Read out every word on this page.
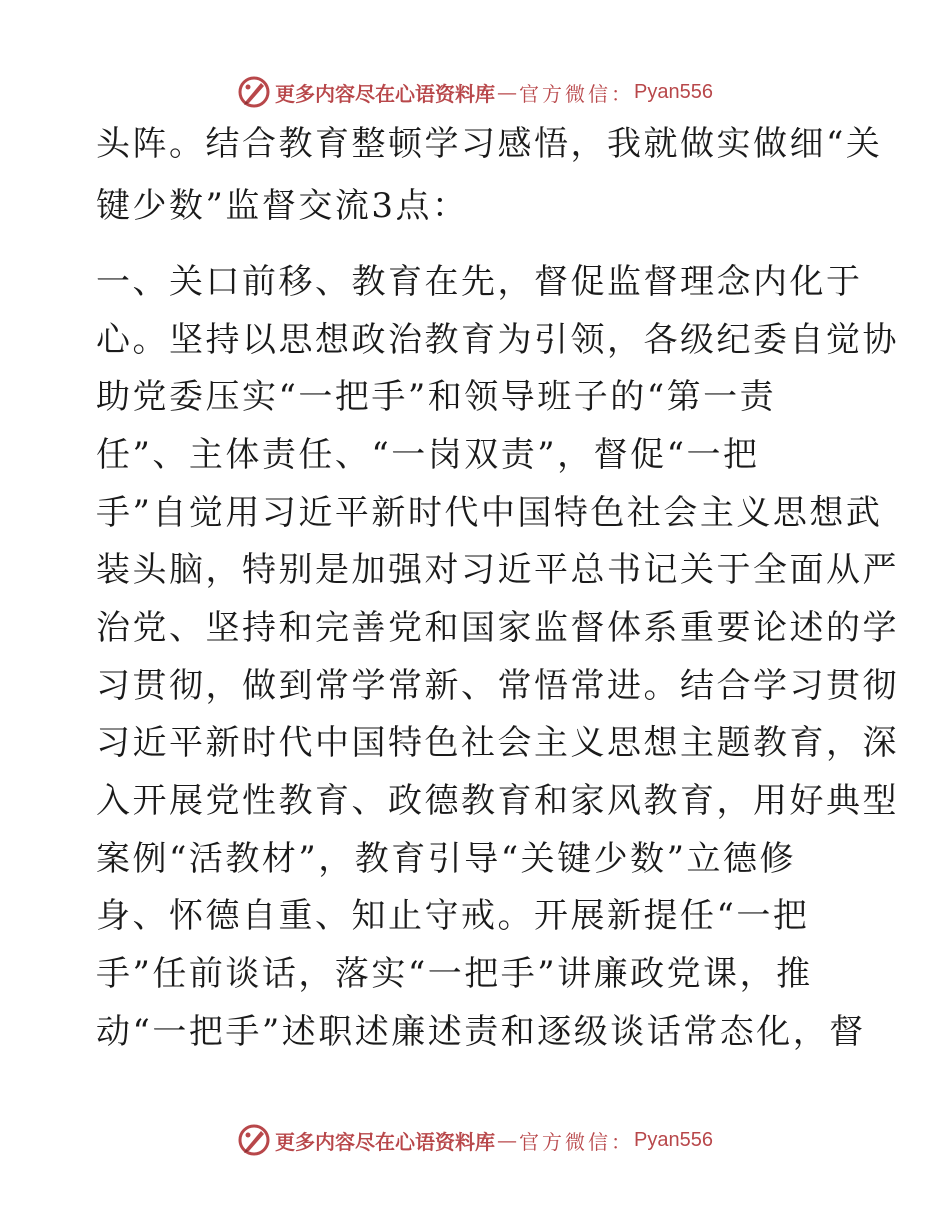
更多内容尽在心语资料库 — 官方微信： Pyan556
头阵。结合教育整顿学习感悟，我就做实做细“关
键少数”监督交流3点：
一、关口前移、教育在先，督促监督理念内化于
心。坚持以思想政治教育为引领，各级纪委自觉协
助党委压实“一把手”和领导班子的“第一责
任”、主体责任、“一岗双责”，督促“一把
手”自觉用习近平新时代中国特色社会主义思想武
装头脑，特别是加强对习近平总书记关于全面从严
治党、坚持和完善党和国家监督体系重要论述的学
习贯彻，做到常学常新、常悟常进。结合学习贯彻
习近平新时代中国特色社会主义思想主题教育，深
入开展党性教育、政德教育和家风教育，用好典型
案例“活教材”，教育引导“关键少数”立德修
身、怀德自重、知止守戒。开展新提任“一把
手”任前谈话，落实“一把手”讲廉政党课，推
动“一把手”述职述廉述责和逐级谈话常态化，督
更多内容尽在心语资料库 — 官方微信： Pyan556
